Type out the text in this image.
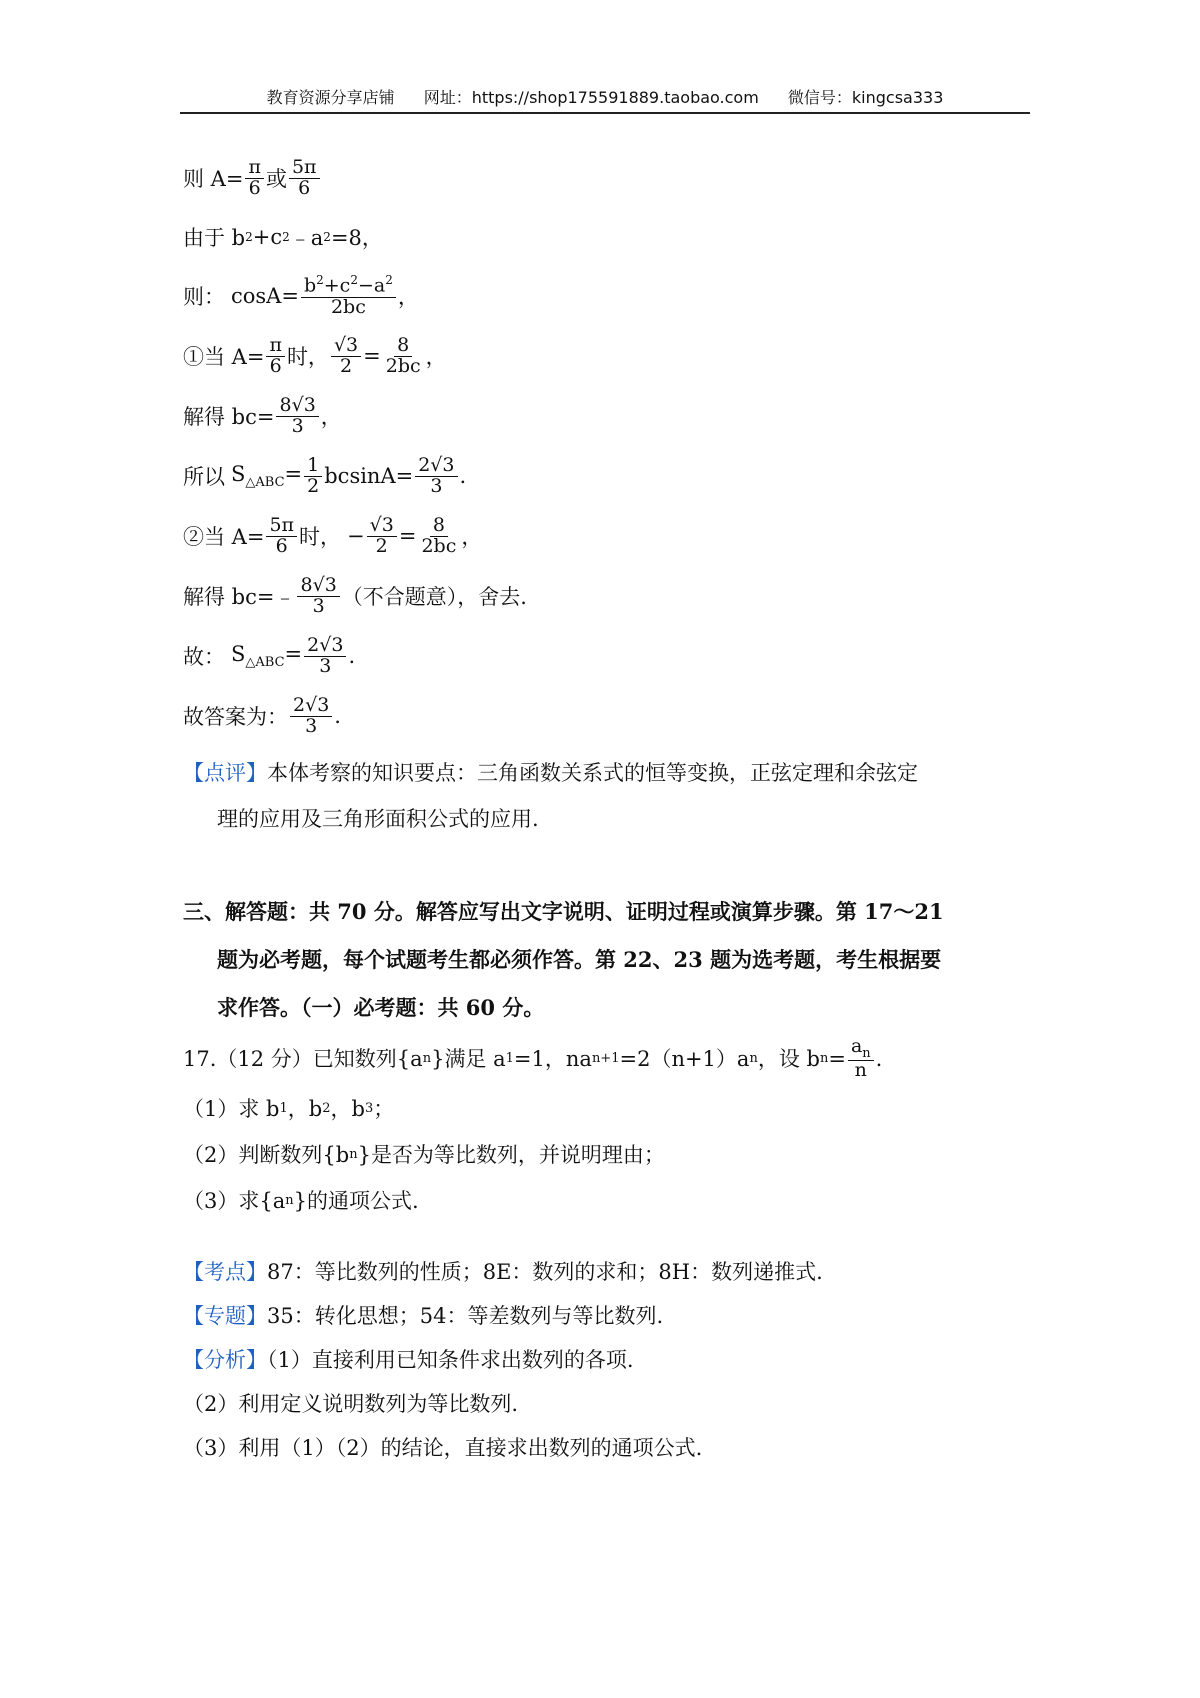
教育资源分享店铺 网址：https://shop175591889.taobao.com 微信号：kingcsa333
则 $A= \frac{\pi}{6}$ 或 $\frac{5\pi}{6}$
由于 b 2 +c 2 ﹣a 2 =8，
则： $\cos A= \frac{b^2+c^2-a^2}{2bc}$ ，
①当 $A= \frac{\pi}{6}$ 时， $\frac{√3}{2} = \frac{8}{2bc}$ ，
解得 $bc= \frac{8√3}{3}$ ，
所以 $S_{\triangle ABC}= \frac{1}{2} bcsinA= \frac{2√3}{3}$ .
②当 $A= \frac{5\pi}{6}$ 时， − $\frac{√3}{2} = \frac{8}{2bc}$ ，
解得 bc=﹣ $\frac{8√3}{3}$ （不合题意），舍去.
故： $S_{\triangle ABC}= \frac{2√3}{3}$ .
故答案为： $\frac{2√3}{3}$ .
【点评】本体考察的知识要点：三角函数关系式的恒等变换，正弦定理和余弦定
理的应用及三角形面积公式的应用.
三、解答题：共 70 分。解答应写出文字说明、证明过程或演算步骤。第 17～21
题为必考题，每个试题考生都必须作答。第 22、23 题为选考题，考生根据要
求作答。（一）必考题：共 60 分。
17.（12 分）已知数列 {a n } 满足 a 1 =1，na n+1 =2（n+1）a n ，设 b $n = \frac{a_n}{n}$ .
（1）求 b 1 ，b 2 ，b 3 ；
（2）判断数列 {b n } 是否为等比数列，并说明理由；
（3）求 {a n } 的通项公式.
【考点】87：等比数列的性质；8E：数列的求和；8H：数列递推式.
【专题】35：转化思想；54：等差数列与等比数列.
【分析】（1）直接利用已知条件求出数列的各项.
（2）利用定义说明数列为等比数列.
（3）利用（1）（2）的结论，直接求出数列的通项公式.
